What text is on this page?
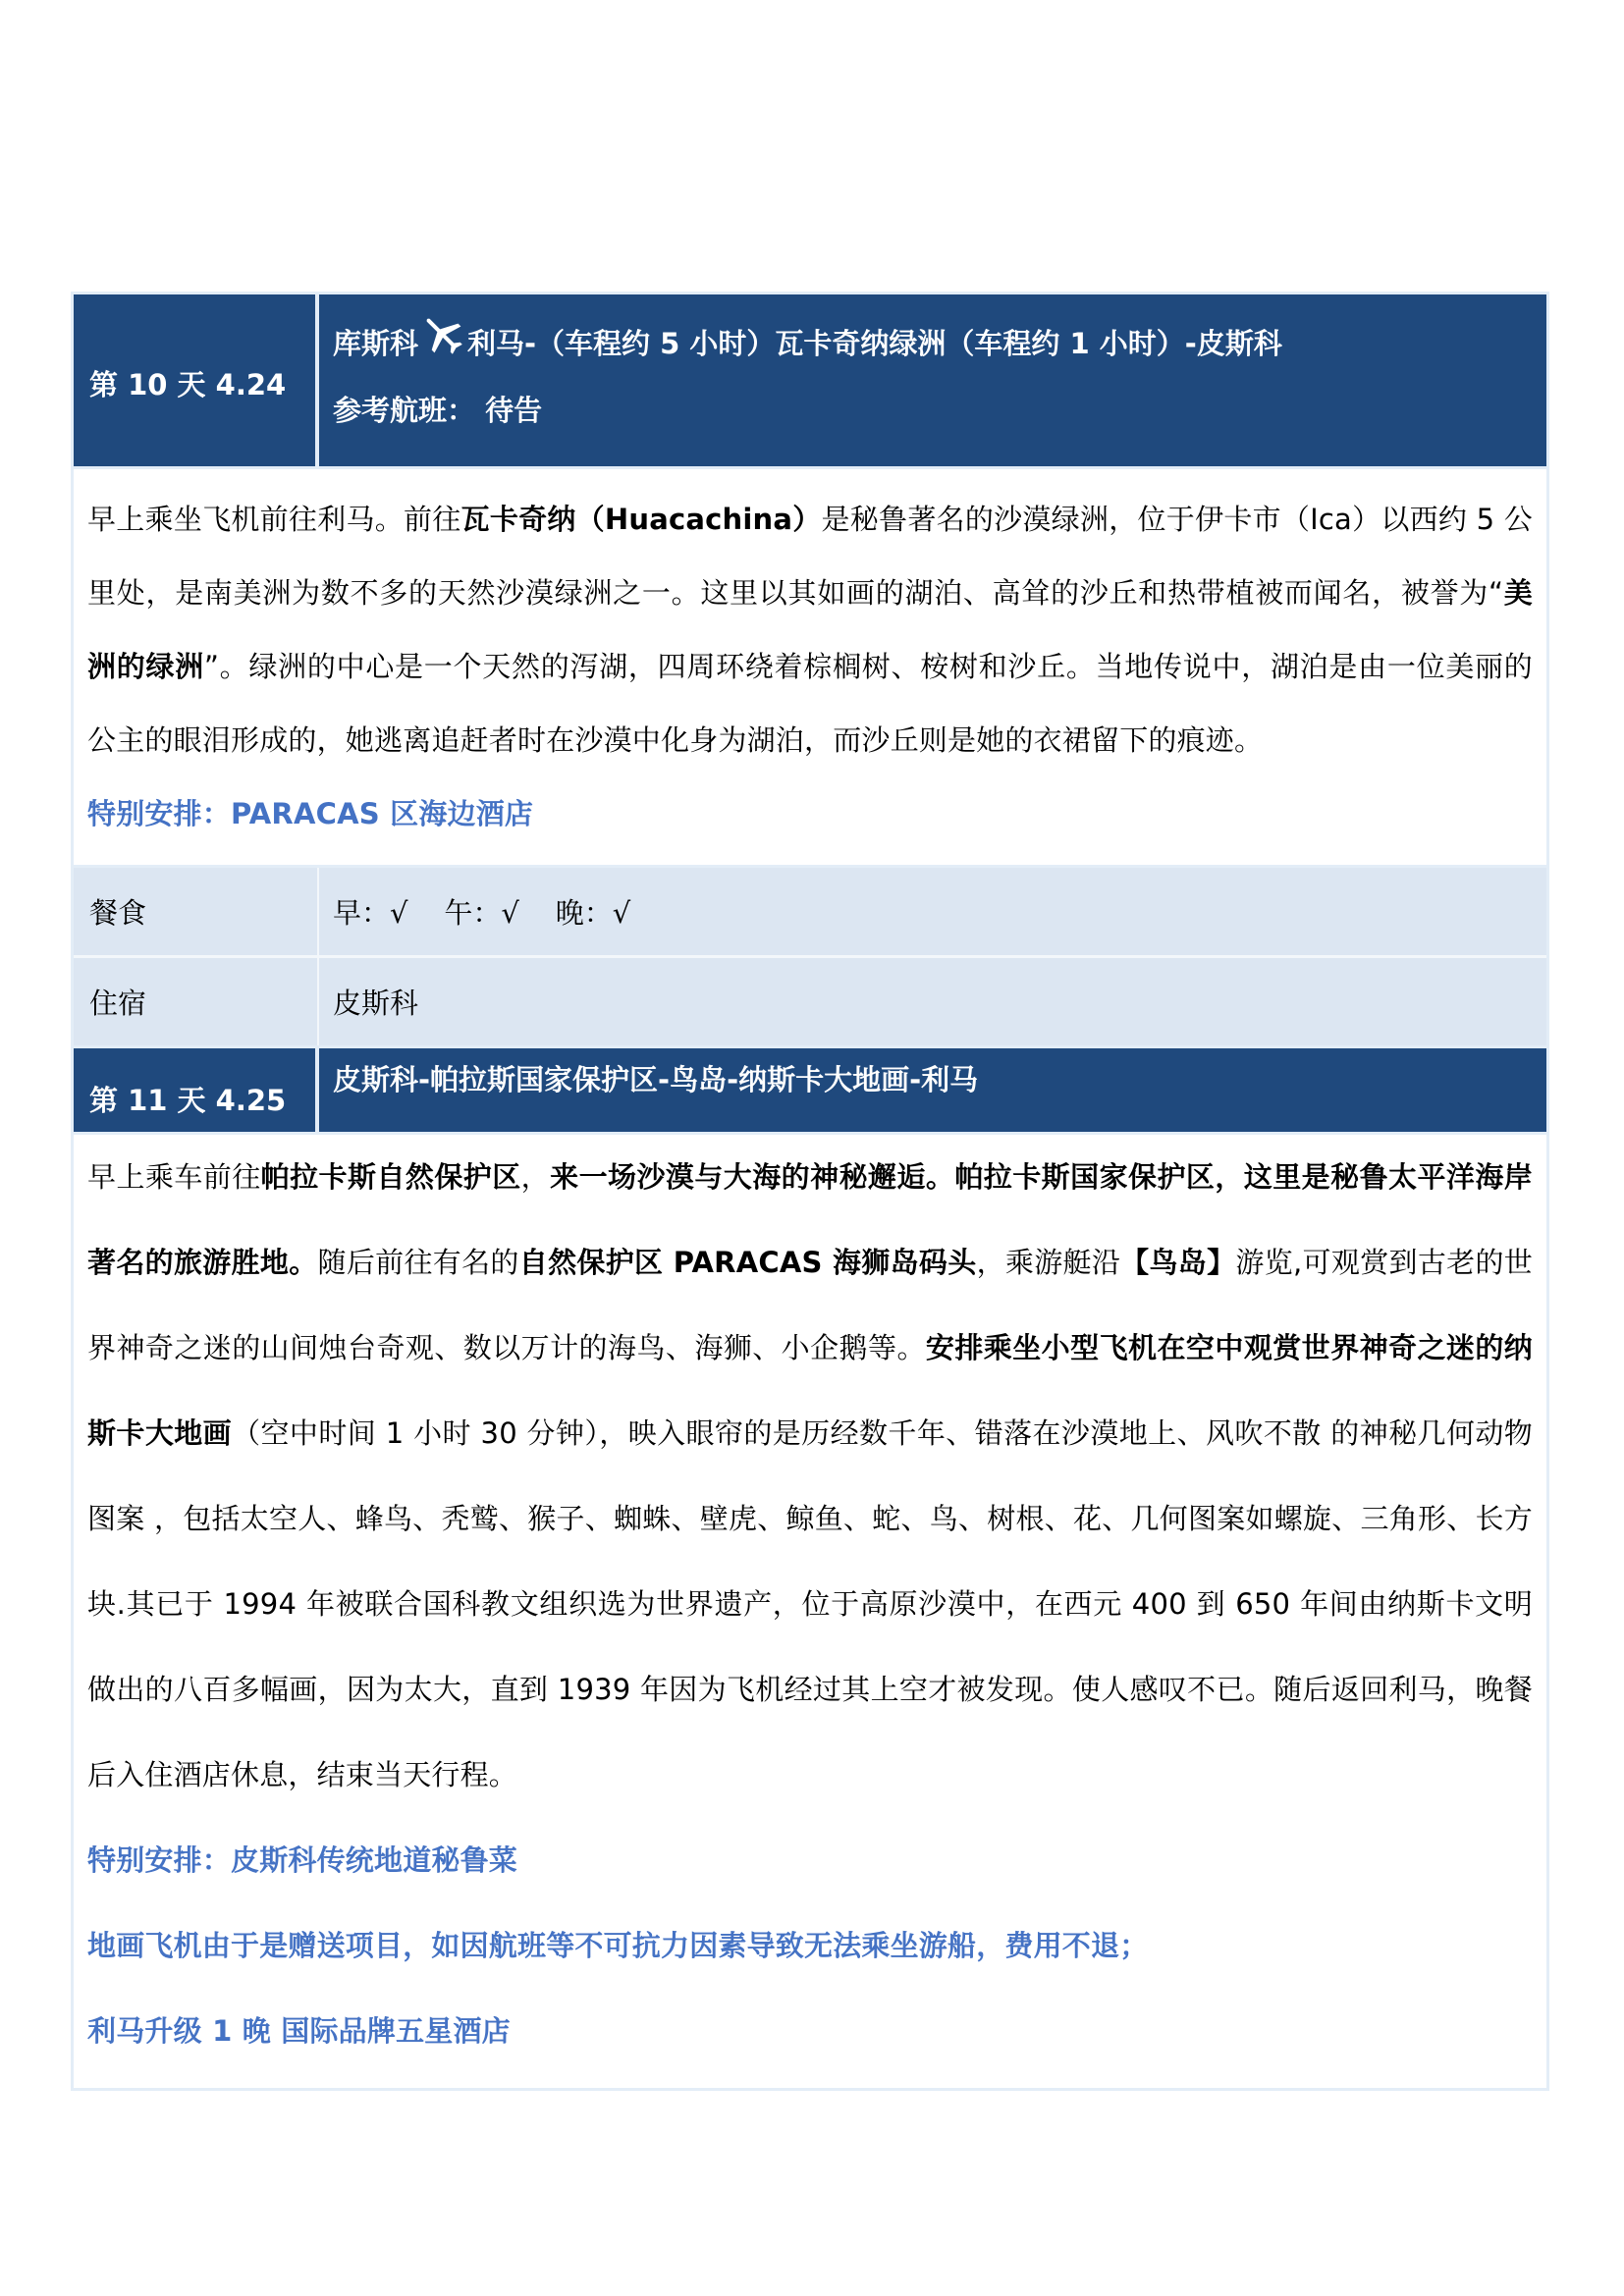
第 10 天 4.24
库斯科 利马-（车程约 5 小时）瓦卡奇纳绿洲（车程约 1 小时）-皮斯科
参考航班： 待告
早上乘坐飞机前往利马。前往瓦卡奇纳（Huacachina）是秘鲁著名的沙漠绿洲，位于伊卡市（Ica）以西约 5 公里处，是南美洲为数不多的天然沙漠绿洲之一。这里以其如画的湖泊、高耸的沙丘和热带植被而闻名，被誉为“美洲的绿洲”。绿洲的中心是一个天然的泻湖，四周环绕着棕榈树、桉树和沙丘。当地传说中，湖泊是由一位美丽的公主的眼泪形成的，她逃离追赶者时在沙漠中化身为湖泊，而沙丘则是她的衣裙留下的痕迹。
特别安排：PARACAS 区海边酒店
餐食	早：√    午：√    晚：√
住宿	皮斯科
第 11 天 4.25
皮斯科-帕拉斯国家保护区-鸟岛-纳斯卡大地画-利马
早上乘车前往帕拉卡斯自然保护区，来一场沙漠与大海的神秘邂逅。帕拉卡斯国家保护区，这里是秘鲁太平洋海岸著名的旅游胜地。随后前往有名的自然保护区 PARACAS 海狮岛码头，乘游艇沿【鸟岛】游览,可观赏到古老的世界神奇之迷的山间烛台奇观、数以万计的海鸟、海狮、小企鹅等。安排乘坐小型飞机在空中观赏世界神奇之迷的纳斯卡大地画（空中时间 1 小时 30 分钟），映入眼帘的是历经数千年、错落在沙漠地上、风吹不散 的神秘几何动物图案 ，包括太空人、蜂鸟、秃鹫、猴子、蜘蛛、壁虎、鲸鱼、蛇、鸟、树根、花、几何图案如螺旋、三角形、长方块.其已于 1994 年被联合国科教文组织选为世界遗产，位于高原沙漠中，在西元 400 到 650 年间由纳斯卡文明做出的八百多幅画，因为太大，直到 1939 年因为飞机经过其上空才被发现。使人感叹不已。随后返回利马，晚餐后入住酒店休息，结束当天行程。
特别安排：皮斯科传统地道秘鲁菜
地画飞机由于是赠送项目，如因航班等不可抗力因素导致无法乘坐游船，费用不退；
利马升级 1 晚 国际品牌五星酒店
